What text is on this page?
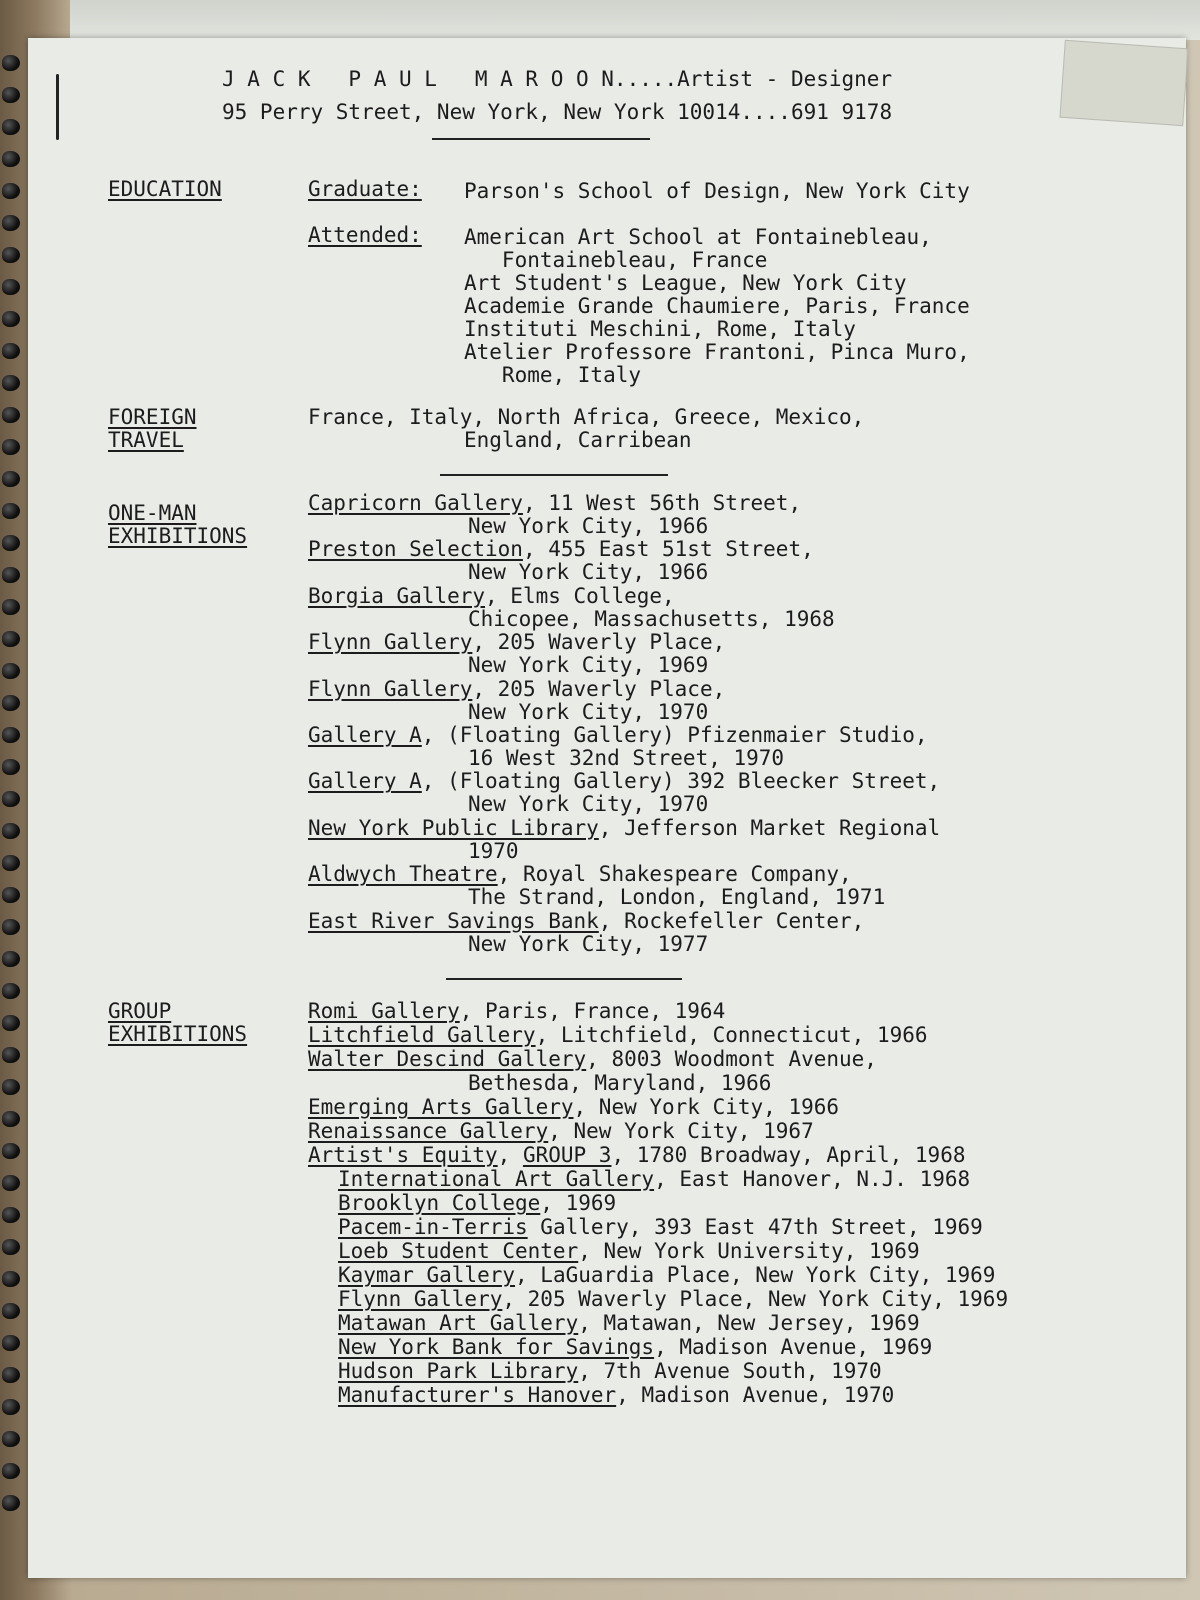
J A C K   P A U L   M A R O O N.....Artist - Designer
95 Perry Street, New York, New York 10014....691 9178
EDUCATION	Graduate: Parson's School of Design, New York City
Attended: American Art School at Fontainebleau,
Fontainebleau, France
Art Student's League, New York City
Academie Grande Chaumiere, Paris, France
Instituti Meschini, Rome, Italy
Atelier Professore Frantoni, Pinca Muro,
Rome, Italy
FOREIGN
TRAVEL
France, Italy, North Africa, Greece, Mexico,
England, Carribean
ONE-MAN
EXHIBITIONS
Capricorn Gallery, 11 West 56th Street,
New York City, 1966
Preston Selection, 455 East 51st Street,
New York City, 1966
Borgia Gallery, Elms College,
Chicopee, Massachusetts, 1968
Flynn Gallery, 205 Waverly Place,
New York City, 1969
Flynn Gallery, 205 Waverly Place,
New York City, 1970
Gallery A, (Floating Gallery) Pfizenmaier Studio,
16 West 32nd Street, 1970
Gallery A, (Floating Gallery) 392 Bleecker Street,
New York City, 1970
New York Public Library, Jefferson Market Regional
1970
Aldwych Theatre, Royal Shakespeare Company,
The Strand, London, England, 1971
East River Savings Bank, Rockefeller Center,
New York City, 1977
GROUP
EXHIBITIONS
Romi Gallery, Paris, France, 1964
Litchfield Gallery, Litchfield, Connecticut, 1966
Walter Descind Gallery, 8003 Woodmont Avenue,
Bethesda, Maryland, 1966
Emerging Arts Gallery, New York City, 1966
Renaissance Gallery, New York City, 1967
Artist's Equity, GROUP 3, 1780 Broadway, April, 1968
International Art Gallery, East Hanover, N.J. 1968
Brooklyn College, 1969
Pacem-in-Terris Gallery, 393 East 47th Street, 1969
Loeb Student Center, New York University, 1969
Kaymar Gallery, LaGuardia Place, New York City, 1969
Flynn Gallery, 205 Waverly Place, New York City, 1969
Matawan Art Gallery, Matawan, New Jersey, 1969
New York Bank for Savings, Madison Avenue, 1969
Hudson Park Library, 7th Avenue South, 1970
Manufacturer's Hanover, Madison Avenue, 1970
